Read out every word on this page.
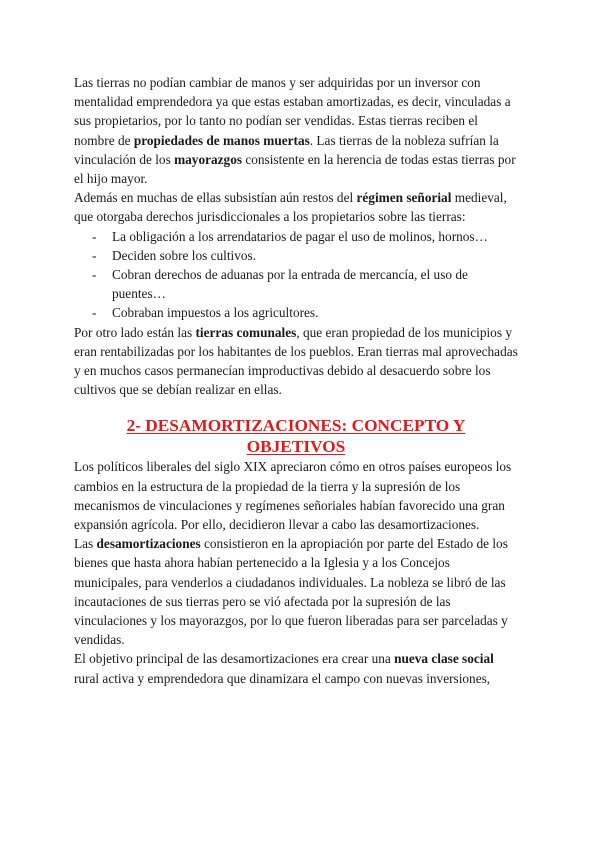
Las tierras no podían cambiar de manos y ser adquiridas por un inversor con mentalidad emprendedora ya que estas estaban amortizadas, es decir, vinculadas a sus propietarios, por lo tanto no podían ser vendidas. Estas tierras reciben el nombre de propiedades de manos muertas. Las tierras de la nobleza sufrían la vinculación de los mayorazgos consistente en la herencia de todas estas tierras por el hijo mayor.

Además en muchas de ellas subsistían aún restos del régimen señorial medieval, que otorgaba derechos jurisdiccionales a los propietarios sobre las tierras:

- La obligación a los arrendatarios de pagar el uso de molinos, hornos…
- Deciden sobre los cultivos.
- Cobran derechos de aduanas por la entrada de mercancía, el uso de puentes…
- Cobraban impuestos a los agricultores.

Por otro lado están las tierras comunales, que eran propiedad de los municipios y eran rentabilizadas por los habitantes de los pueblos. Eran tierras mal aprovechadas y en muchos casos permanecían improductivas debido al desacuerdo sobre los cultivos que se debían realizar en ellas.

2- DESAMORTIZACIONES: CONCEPTO Y OBJETIVOS

Los políticos liberales del siglo XIX apreciaron cómo en otros países europeos los cambios en la estructura de la propiedad de la tierra y la supresión de los mecanismos de vinculaciones y regímenes señoriales habían favorecido una gran expansión agrícola. Por ello, decidieron llevar a cabo las desamortizaciones.

Las desamortizaciones consistieron en la apropiación por parte del Estado de los bienes que hasta ahora habían pertenecido a la Iglesia y a los Concejos municipales, para venderlos a ciudadanos individuales. La nobleza se libró de las incautaciones de sus tierras pero se vió afectada por la supresión de las vinculaciones y los mayorazgos, por lo que fueron liberadas para ser parceladas y vendidas.

El objetivo principal de las desamortizaciones era crear una nueva clase social rural activa y emprendedora que dinamizara el campo con nuevas inversiones,
